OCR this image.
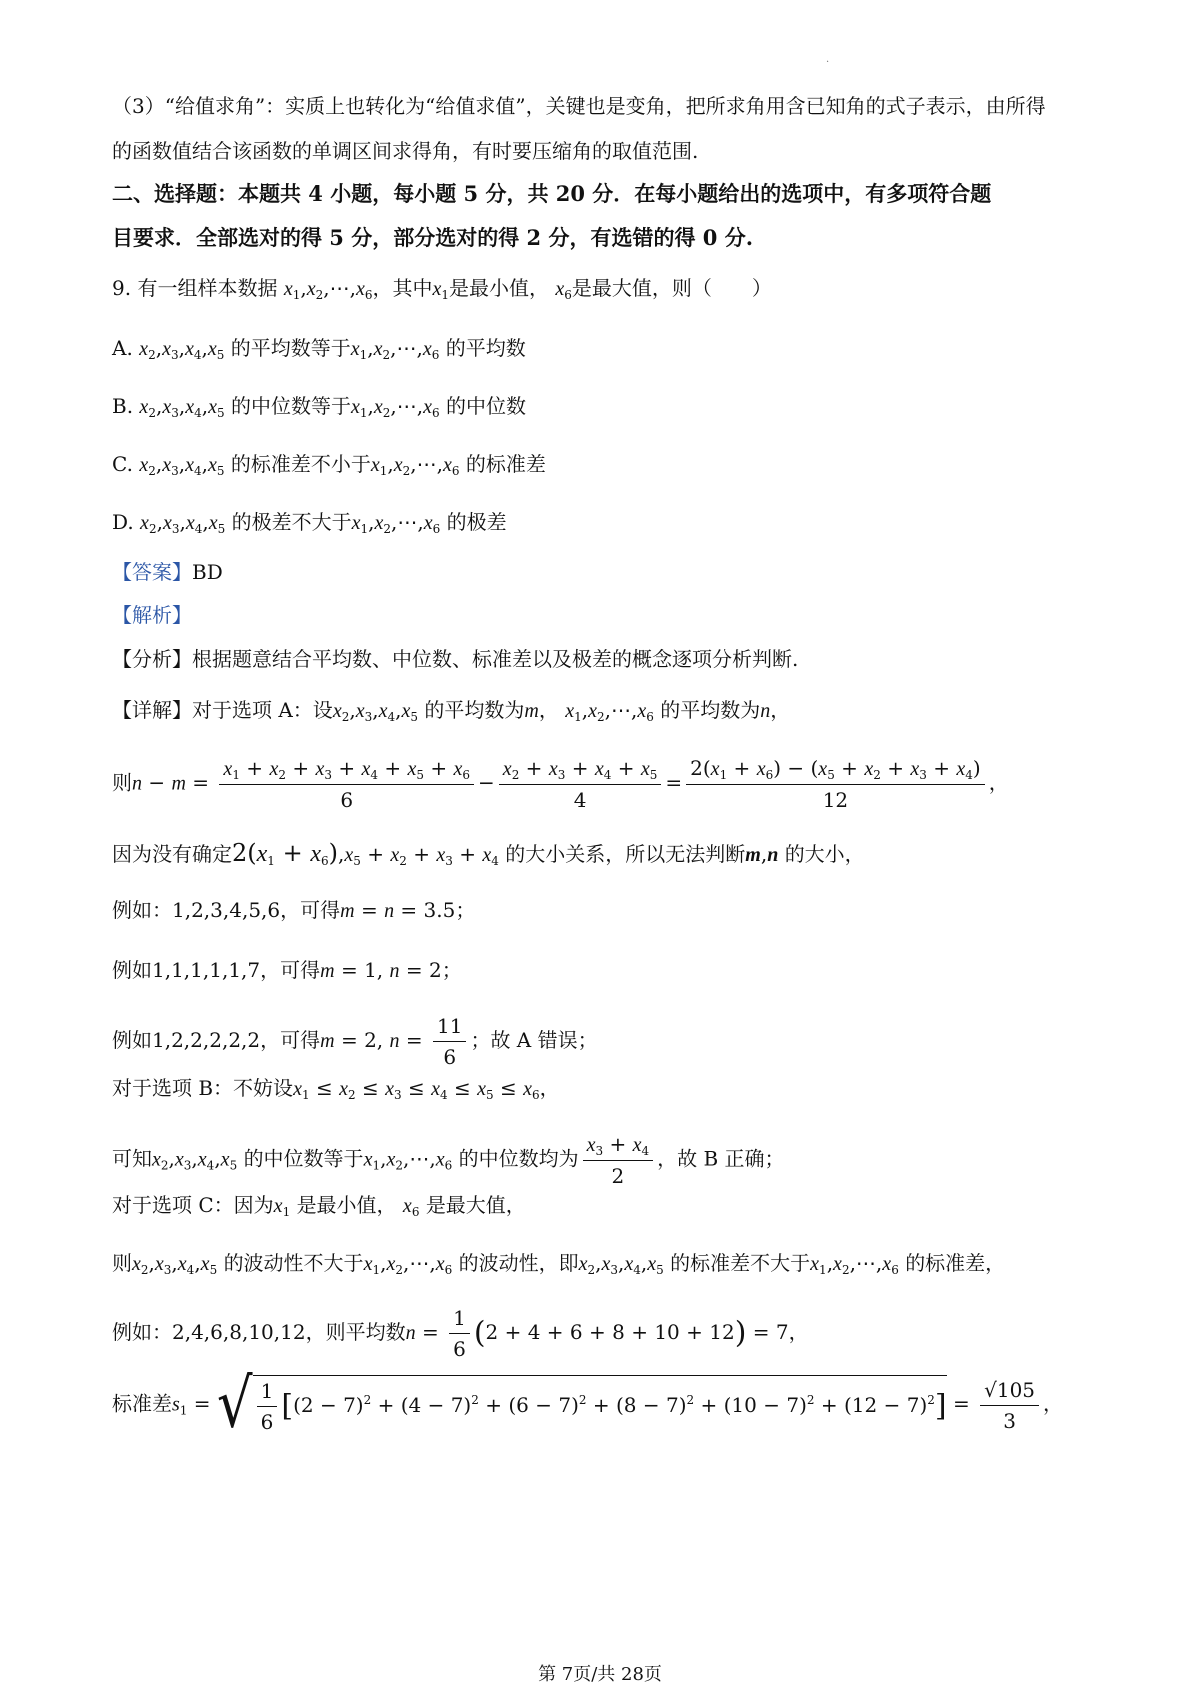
.
（3）“给值求角”：实质上也转化为“给值求值”，关键也是变角，把所求角用含已知角的式子表示，由所得
的函数值结合该函数的单调区间求得角，有时要压缩角的取值范围.
二、选择题：本题共 4 小题，每小题 5 分，共 20 分．在每小题给出的选项中，有多项符合题
目要求．全部选对的得 5 分，部分选对的得 2 分，有选错的得 0 分.
9. 有一组样本数据 $x_1,x_2,\cdots,x_6$，其中$x_1$是最小值， $x_6$是最大值，则（　　）
A. $x_2,x_3,x_4,x_5$ 的平均数等于$x_1,x_2,\cdots,x_6$ 的平均数
B. $x_2,x_3,x_4,x_5$ 的中位数等于$x_1,x_2,\cdots,x_6$ 的中位数
C. $x_2,x_3,x_4,x_5$ 的标准差不小于$x_1,x_2,\cdots,x_6$ 的标准差
D. $x_2,x_3,x_4,x_5$ 的极差不大于$x_1,x_2,\cdots,x_6$ 的极差
【答案】BD
【解析】
【分析】根据题意结合平均数、中位数、标准差以及极差的概念逐项分析判断.
【详解】对于选项 A：设$x_2,x_3,x_4,x_5$ 的平均数为m， $x_1,x_2,\cdots,x_6$ 的平均数为n，
则$n - m = \frac{x_1 + x_2 + x_3 + x_4 + x_5 + x_6}{6} - \frac{x_2 + x_3 + x_4 + x_5}{4} = \frac{2(x_1 + x_6) - (x_5 + x_2 + x_3 + x_4)}{12}$ ，
因为没有确定$2(x_1 + x_6),x_5 + x_2 + x_3 + x_4$ 的大小关系，所以无法判断m,n 的大小，
例如：1,2,3,4,5,6，可得m = n = 3.5；
例如1,1,1,1,1,7，可得m = 1, n = 2；
例如1,2,2,2,2,2，可得m = 2, $n = \frac{11}{6}$ ；故 A 错误；
对于选项 B：不妨设$x_1 \le x_2 \le x_3 \le x_4 \le x_5 \le x_6$，
可知$x_2,x_3,x_4,x_5$ 的中位数等于$x_1,x_2,\cdots,x_6$ 的中位数均为 $\frac{x_3 + x_4}{2}$ ，故 B 正确；
对于选项 C：因为$x_1$ 是最小值， $x_6$ 是最大值，
则$x_2,x_3,x_4,x_5$ 的波动性不大于$x_1,x_2,\cdots,x_6$ 的波动性，即$x_2,x_3,x_4,x_5$ 的标准差不大于$x_1,x_2,\cdots,x_6$ 的标准差，
例如：2,4,6,8,10,12，则平均数$n = \frac{1}{6} (2 + 4 + 6 + 8 + 10 + 12) = 7$，
标准差$s_1$ = √ $\frac{1}{6} [(2 - 7)^2 + (4 - 7)^2 + (6 - 7)^2 + (8 - 7)^2 + (10 - 7)^2 + (12 - 7)^2] = \frac{√105}{3}$ ，
第 7页/共 28页
